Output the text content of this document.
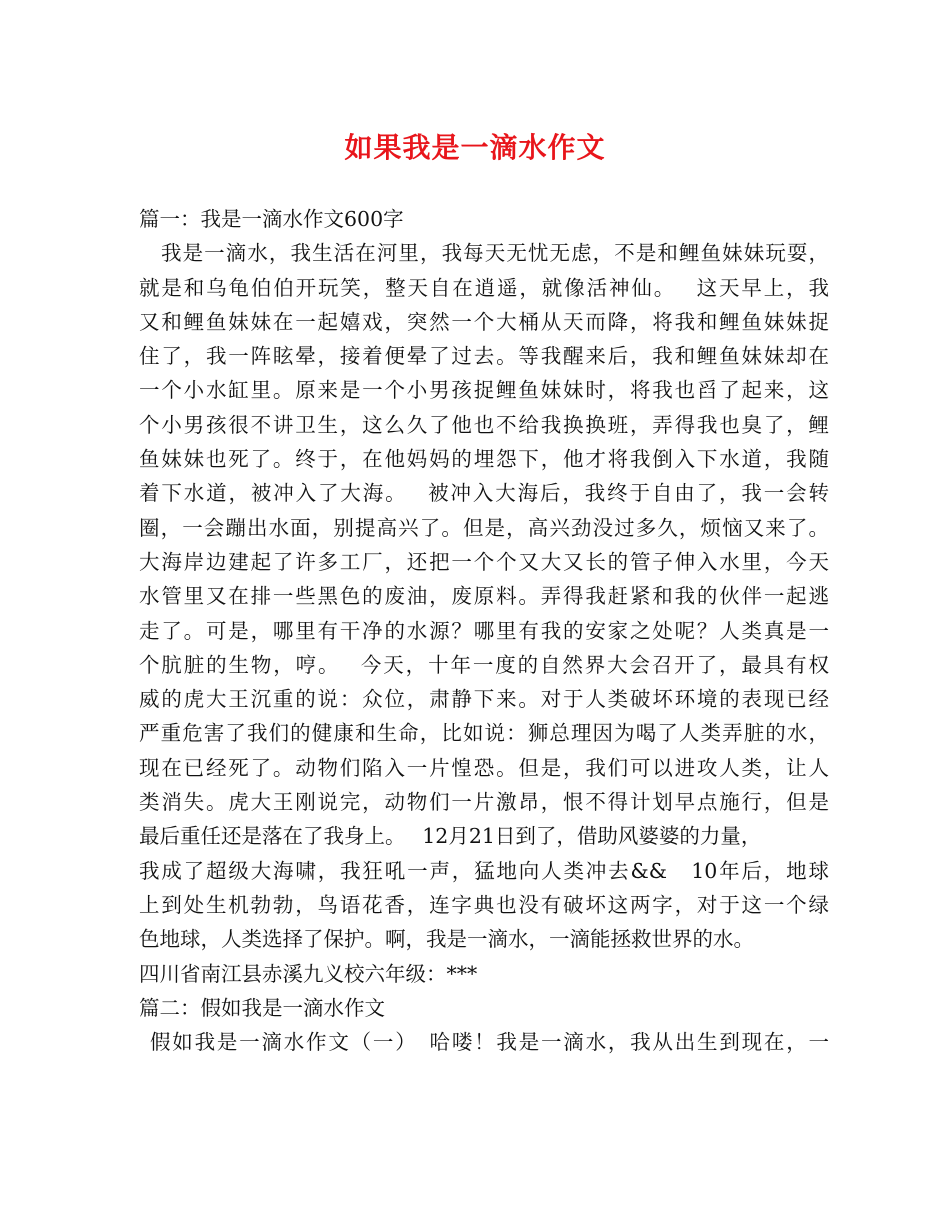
如果我是一滴水作文
篇一：我是一滴水作文600字
我是一滴水，我生活在河里，我每天无忧无虑，不是和鲤鱼妹妹玩耍，
就是和乌龟伯伯开玩笑，整天自在逍遥，就像活神仙。　 这天早上，我
又和鲤鱼妹妹在一起嬉戏，突然一个大桶从天而降，将我和鲤鱼妹妹捉
住了，我一阵眩晕，接着便晕了过去。等我醒来后，我和鲤鱼妹妹却在
一个小水缸里。原来是一个小男孩捉鲤鱼妹妹时，将我也舀了起来，这
个小男孩很不讲卫生，这么久了他也不给我换换班，弄得我也臭了，鲤
鱼妹妹也死了。终于，在他妈妈的埋怨下，他才将我倒入下水道，我随
着下水道，被冲入了大海。　 被冲入大海后，我终于自由了，我一会转
圈，一会蹦出水面，别提高兴了。但是，高兴劲没过多久，烦恼又来了。
大海岸边建起了许多工厂，还把一个个又大又长的管子伸入水里，今天
水管里又在排一些黑色的废油，废原料。弄得我赶紧和我的伙伴一起逃
走了。可是，哪里有干净的水源？哪里有我的安家之处呢？人类真是一
个肮脏的生物，哼。　 今天，十年一度的自然界大会召开了，最具有权
威的虎大王沉重的说：众位，肃静下来。对于人类破坏环境的表现已经
严重危害了我们的健康和生命，比如说：狮总理因为喝了人类弄脏的水，
现在已经死了。动物们陷入一片惶恐。但是，我们可以进攻人类，让人
类消失。虎大王刚说完，动物们一片激昂，恨不得计划早点施行，但是
最后重任还是落在了我身上。　 12月21日到了，借助风婆婆的力量，
我成了超级大海啸，我狂吼一声，猛地向人类冲去&&　10年后，地球
上到处生机勃勃，鸟语花香，连字典也没有破坏这两字，对于这一个绿
色地球，人类选择了保护。啊，我是一滴水，一滴能拯救世界的水。
四川省南江县赤溪九义校六年级：***
篇二：假如我是一滴水作文
假如我是一滴水作文（一）　哈喽！我是一滴水，我从出生到现在，一
